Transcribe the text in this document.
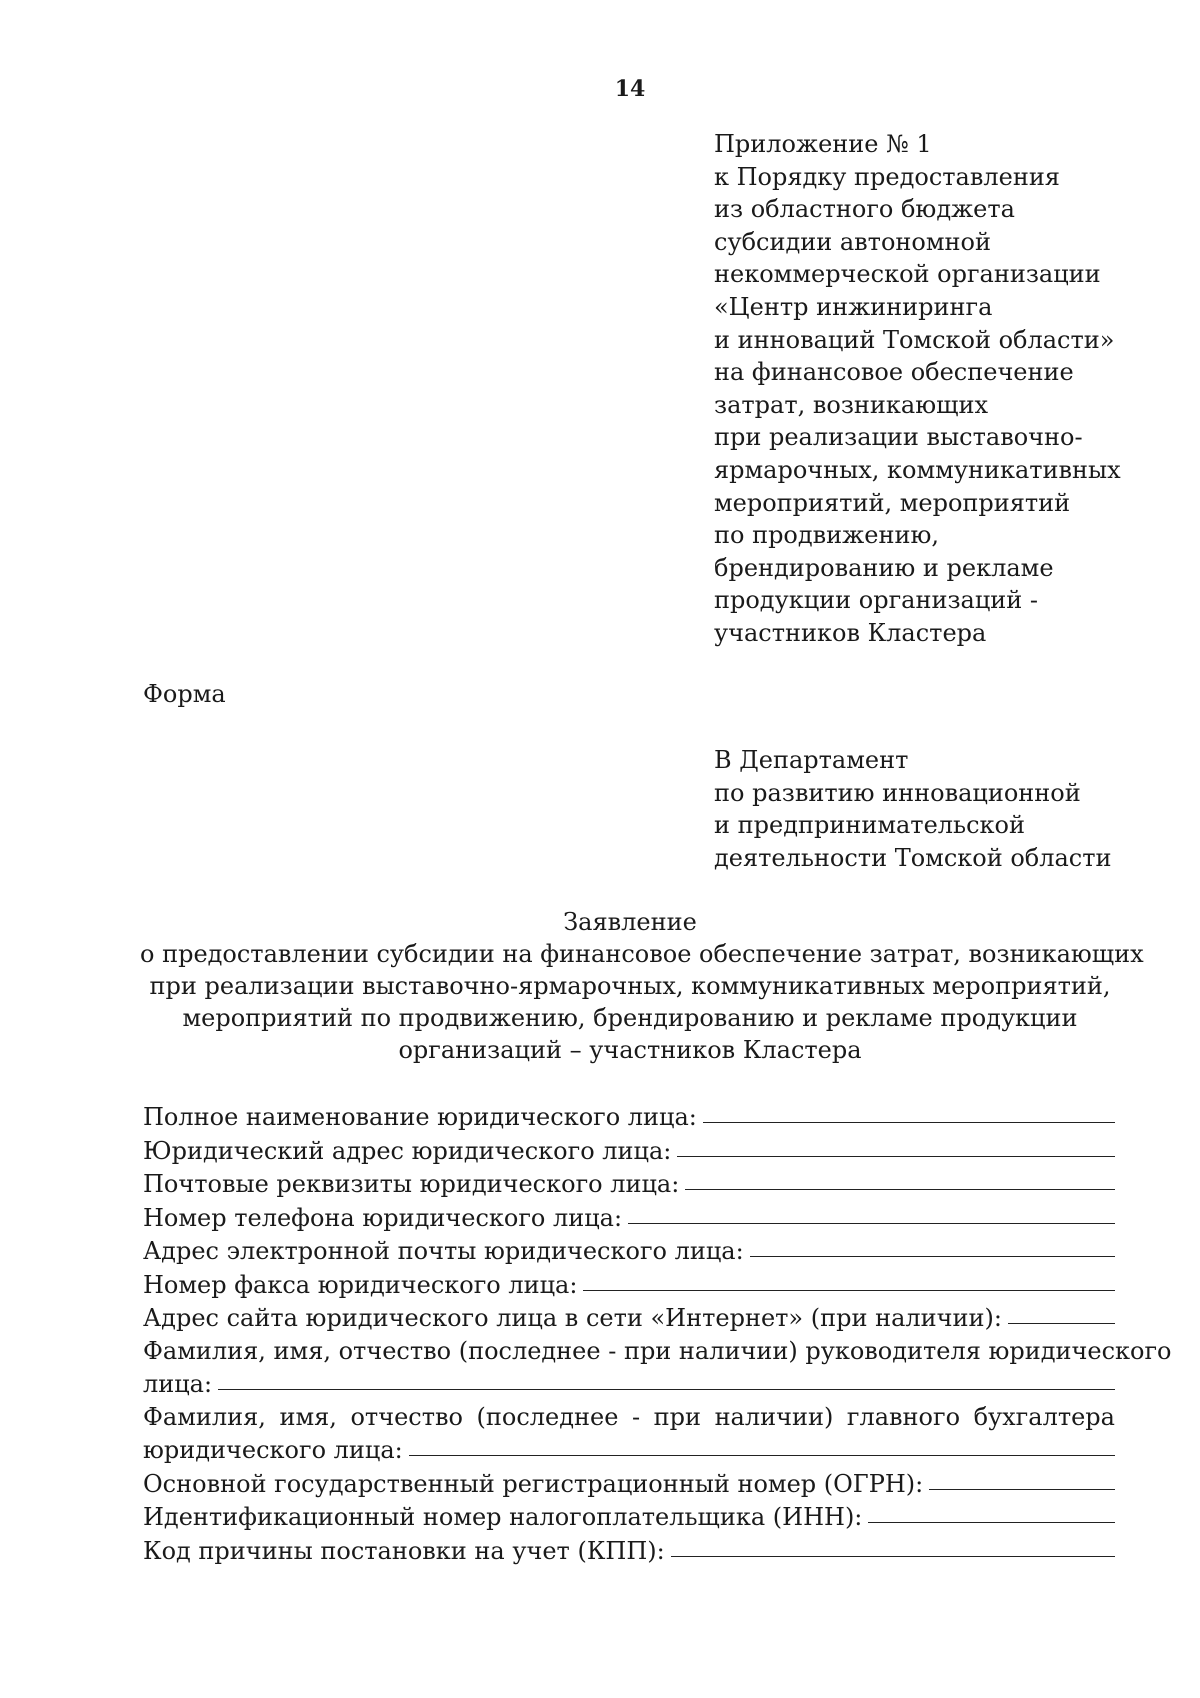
14
Приложение № 1
к Порядку предоставления
из областного бюджета
субсидии автономной
некоммерческой организации
«Центр инжиниринга
и инноваций Томской области»
на финансовое обеспечение
затрат, возникающих
при реализации выставочно-
ярмарочных, коммуникативных
мероприятий, мероприятий
по продвижению,
брендированию и рекламе
продукции организаций -
участников Кластера
Форма
В Департамент
по развитию инновационной
и предпринимательской
деятельности Томской области
Заявление
о предоставлении субсидии на финансовое обеспечение затрат, возникающих
при реализации выставочно-ярмарочных, коммуникативных мероприятий,
мероприятий по продвижению, брендированию и рекламе продукции
организаций – участников Кластера
Полное наименование юридического лица:
Юридический адрес юридического лица:
Почтовые реквизиты юридического лица:
Номер телефона юридического лица:
Адрес электронной почты юридического лица:
Номер факса юридического лица:
Адрес сайта юридического лица в сети «Интернет» (при наличии):
Фамилия, имя, отчество (последнее - при наличии) руководителя юридического
лица:
Фамилия, имя, отчество (последнее - при наличии) главного бухгалтера
юридического лица:
Основной государственный регистрационный номер (ОГРН):
Идентификационный номер налогоплательщика (ИНН):
Код причины постановки на учет (КПП):
